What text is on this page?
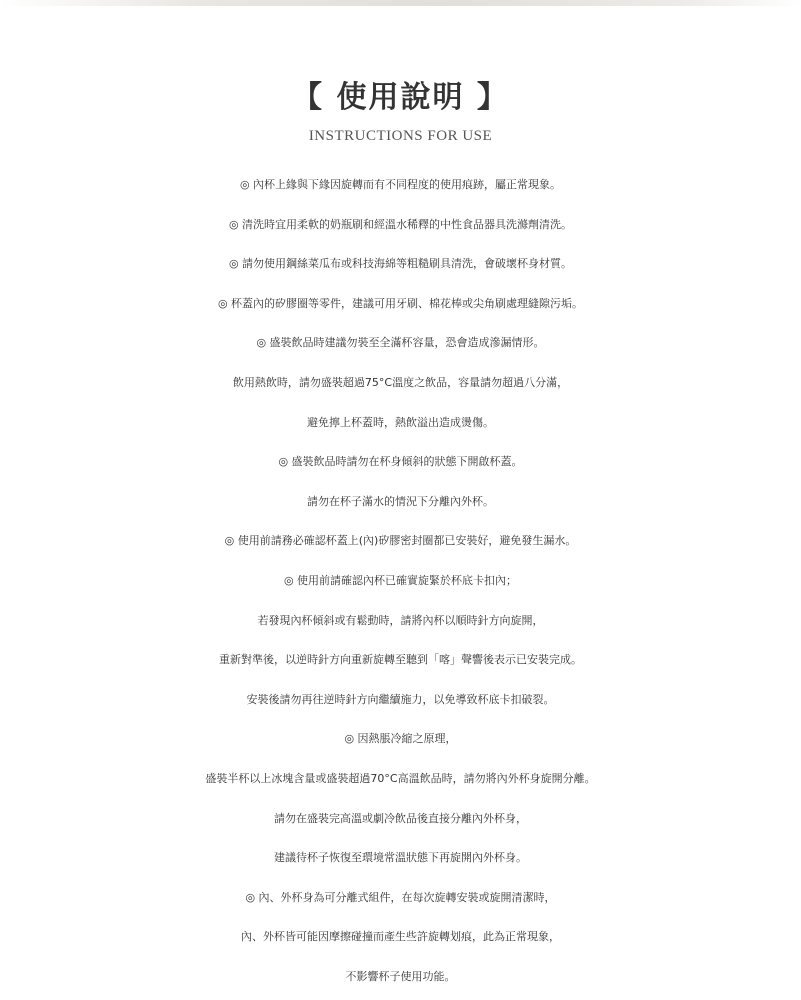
【 使用說明 】
INSTRUCTIONS FOR USE
◎ 內杯上緣與下緣因旋轉而有不同程度的使用痕跡，屬正常現象。
◎ 清洗時宜用柔軟的奶瓶刷和經溫水稀釋的中性食品器具洗滌劑清洗。
◎ 請勿使用鋼絲菜瓜布或科技海綿等粗糙刷具清洗，會破壞杯身材質。
◎ 杯蓋內的矽膠圈等零件，建議可用牙刷、棉花棒或尖角刷處理縫隙污垢。
◎ 盛裝飲品時建議勿裝至全滿杯容量，恐會造成滲漏情形。
飲用熱飲時，請勿盛裝超過75°C溫度之飲品，容量請勿超過八分滿，
避免擰上杯蓋時，熱飲溢出造成燙傷。
◎ 盛裝飲品時請勿在杯身傾斜的狀態下開啟杯蓋。
請勿在杯子滿水的情況下分離內外杯。
◎ 使用前請務必確認杯蓋上(內)矽膠密封圈都已安裝好，避免發生漏水。
◎ 使用前請確認內杯已確實旋緊於杯底卡扣內；
若發現內杯傾斜或有鬆動時，請將內杯以順時針方向旋開，
重新對準後，以逆時針方向重新旋轉至聽到「喀」聲響後表示已安裝完成。
安裝後請勿再往逆時針方向繼續施力，以免導致杯底卡扣破裂。
◎ 因熱脹冷縮之原理，
盛裝半杯以上冰塊含量或盛裝超過70°C高溫飲品時，請勿將內外杯身旋開分離。
請勿在盛裝完高溫或劇冷飲品後直接分離內外杯身，
建議待杯子恢復至環境常溫狀態下再旋開內外杯身。
◎ 內、外杯身為可分離式組件，在每次旋轉安裝或旋開清潔時，
內、外杯皆可能因摩擦碰撞而產生些許旋轉划痕，此為正常現象，
不影響杯子使用功能。
